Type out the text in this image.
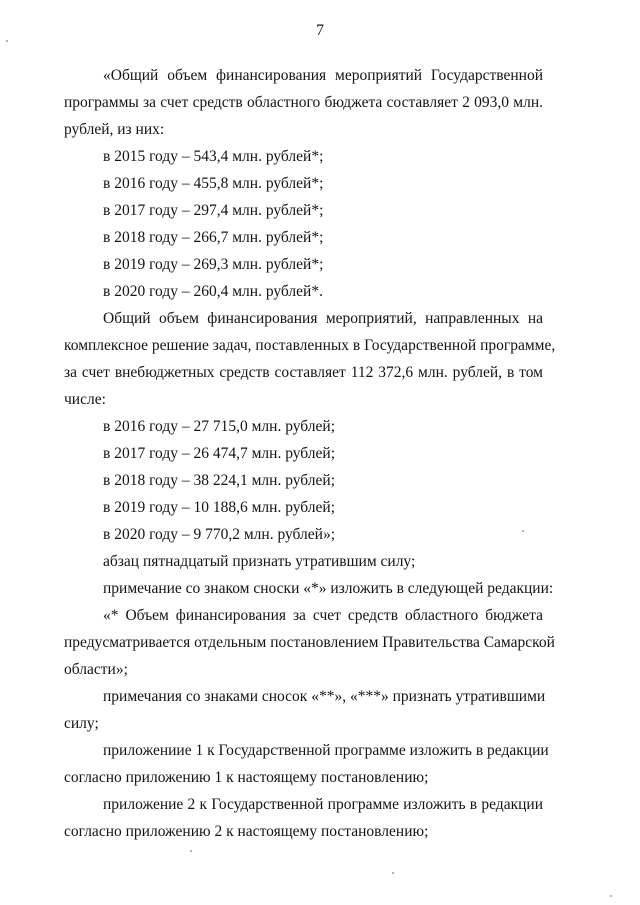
7
«Общий объем финансирования мероприятий Государственной
программы за счет средств областного бюджета составляет 2 093,0 млн.
рублей, из них:
в 2015 году – 543,4 млн. рублей*;
в 2016 году – 455,8 млн. рублей*;
в 2017 году – 297,4 млн. рублей*;
в 2018 году – 266,7 млн. рублей*;
в 2019 году – 269,3 млн. рублей*;
в 2020 году – 260,4 млн. рублей*.
Общий объем финансирования мероприятий, направленных на
комплексное решение задач, поставленных в Государственной программе,
за счет внебюджетных средств составляет 112 372,6 млн. рублей, в том
числе:
в 2016 году – 27 715,0 млн. рублей;
в 2017 году – 26 474,7 млн. рублей;
в 2018 году – 38 224,1 млн. рублей;
в 2019 году – 10 188,6 млн. рублей;
в 2020 году – 9 770,2 млн. рублей»;
абзац пятнадцатый признать утратившим силу;
примечание со знаком сноски «*» изложить в следующей редакции:
«* Объем финансирования за счет средств областного бюджета
предусматривается отдельным постановлением Правительства Самарской
области»;
примечания со знаками сносок «**», «***» признать утратившими
силу;
приложениие 1 к Государственной программе изложить в редакции
согласно приложению 1 к настоящему постановлению;
приложение 2 к Государственной программе изложить в редакции
согласно приложению 2 к настоящему постановлению;
